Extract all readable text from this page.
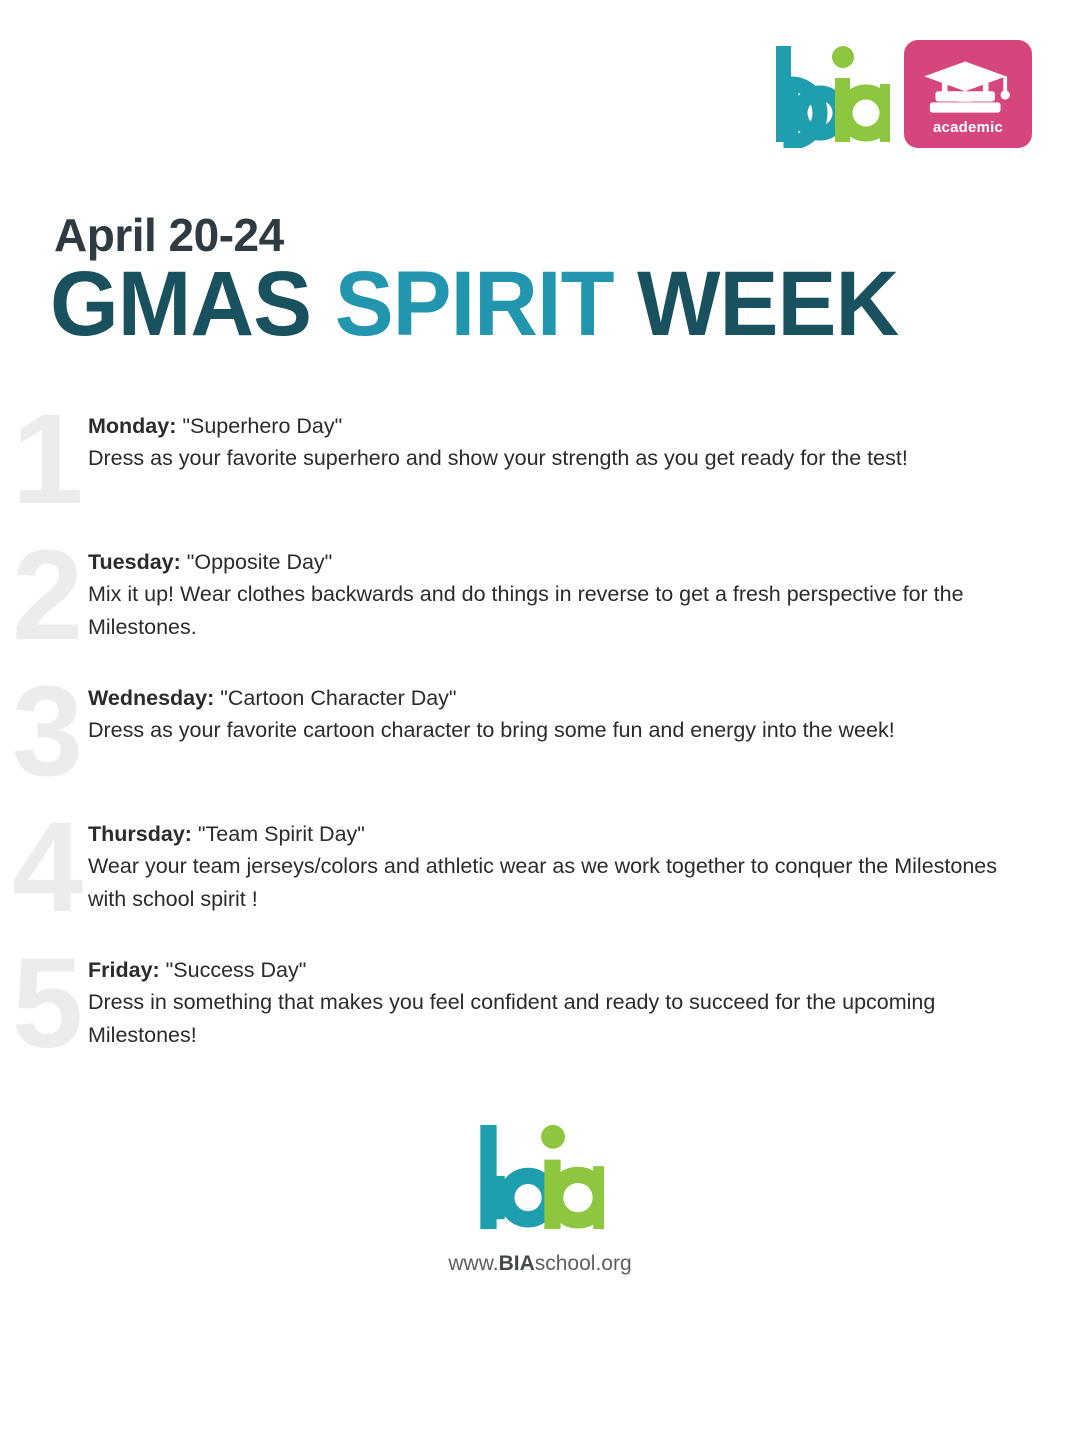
academic
April 20-24
GMAS SPIRIT WEEK
1 Monday: "Superhero Day"
Dress as your favorite superhero and show your strength as you get ready for the test!
2 Tuesday: "Opposite Day"
Mix it up! Wear clothes backwards and do things in reverse to get a fresh perspective for the Milestones.
3 Wednesday: "Cartoon Character Day"
Dress as your favorite cartoon character to bring some fun and energy into the week!
4 Thursday: "Team Spirit Day"
Wear your team jerseys/colors and athletic wear as we work together to conquer the Milestones with school spirit !
5 Friday: "Success Day"
Dress in something that makes you feel confident and ready to succeed for the upcoming Milestones!
www.BIAschool.org
